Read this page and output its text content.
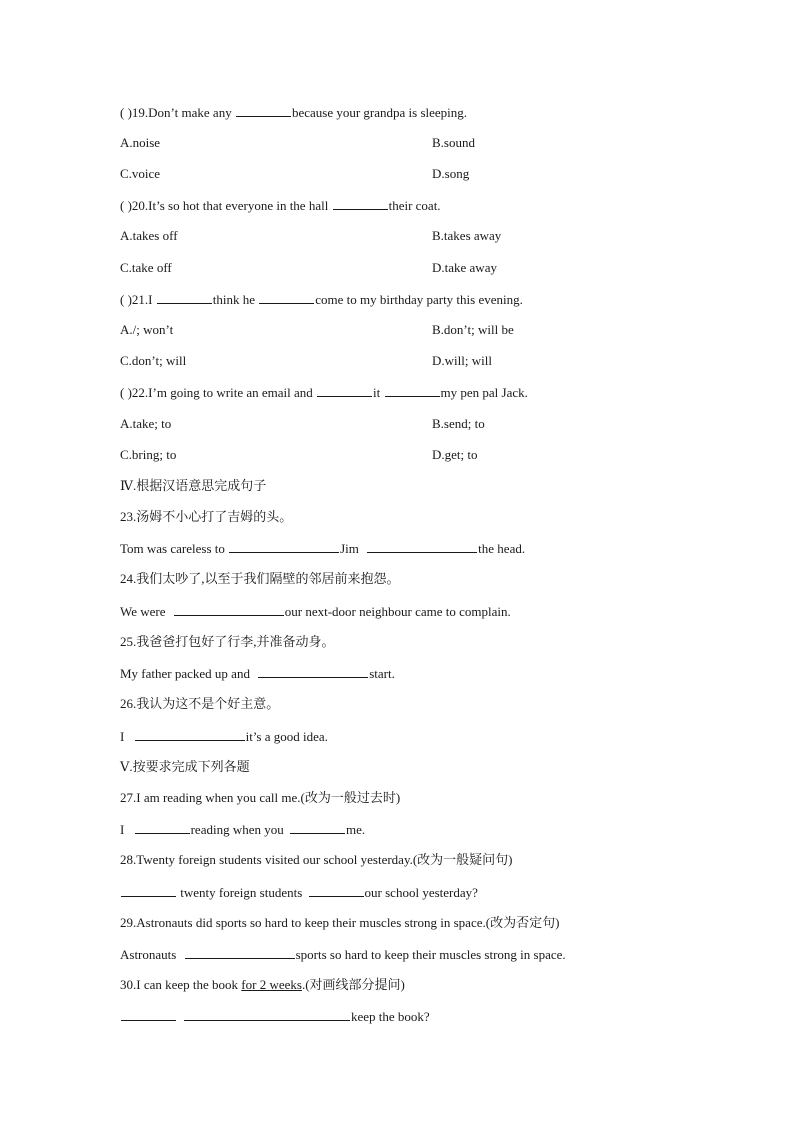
( )19.Don’t make any	because your grandpa is sleeping.
A.noise	B.sound
C.voice	D.song
( )20.It’s so hot that everyone in the hall	their coat.
A.takes off	B.takes away
C.take off	D.take away
( )21.I	think he	come to my birthday party this evening.
A./; won’t	B.don’t; will be
C.don’t; will	D.will; will
( )22.I’m going to write an email and	it	my pen pal Jack.
A.take; to	B.send; to
C.bring; to	D.get; to
Ⅳ.根据汉语意思完成句子
23.汤姆不小心打了吉姆的头。
Tom was careless to	Jim	the head.
24.我们太吵了,以至于我们隔壁的邻居前来抱怨。
We were	our next-door neighbour came to complain.
25.我爸爸打包好了行李,并准备动身。
My father packed up and	start.
26.我认为这不是个好主意。
I	it’s a good idea.
Ⅴ.按要求完成下列各题
27.I am reading when you call me.(改为一般过去时)
I	reading when you	me.
28.Twenty foreign students visited our school yesterday.(改为一般疑问句)
twenty foreign students	our school yesterday?
29.Astronauts did sports so hard to keep their muscles strong in space.(改为否定句)
Astronauts	sports so hard to keep their muscles strong in space.
30.I can keep the book for 2 weeks.(对画线部分提问)
keep the book?
